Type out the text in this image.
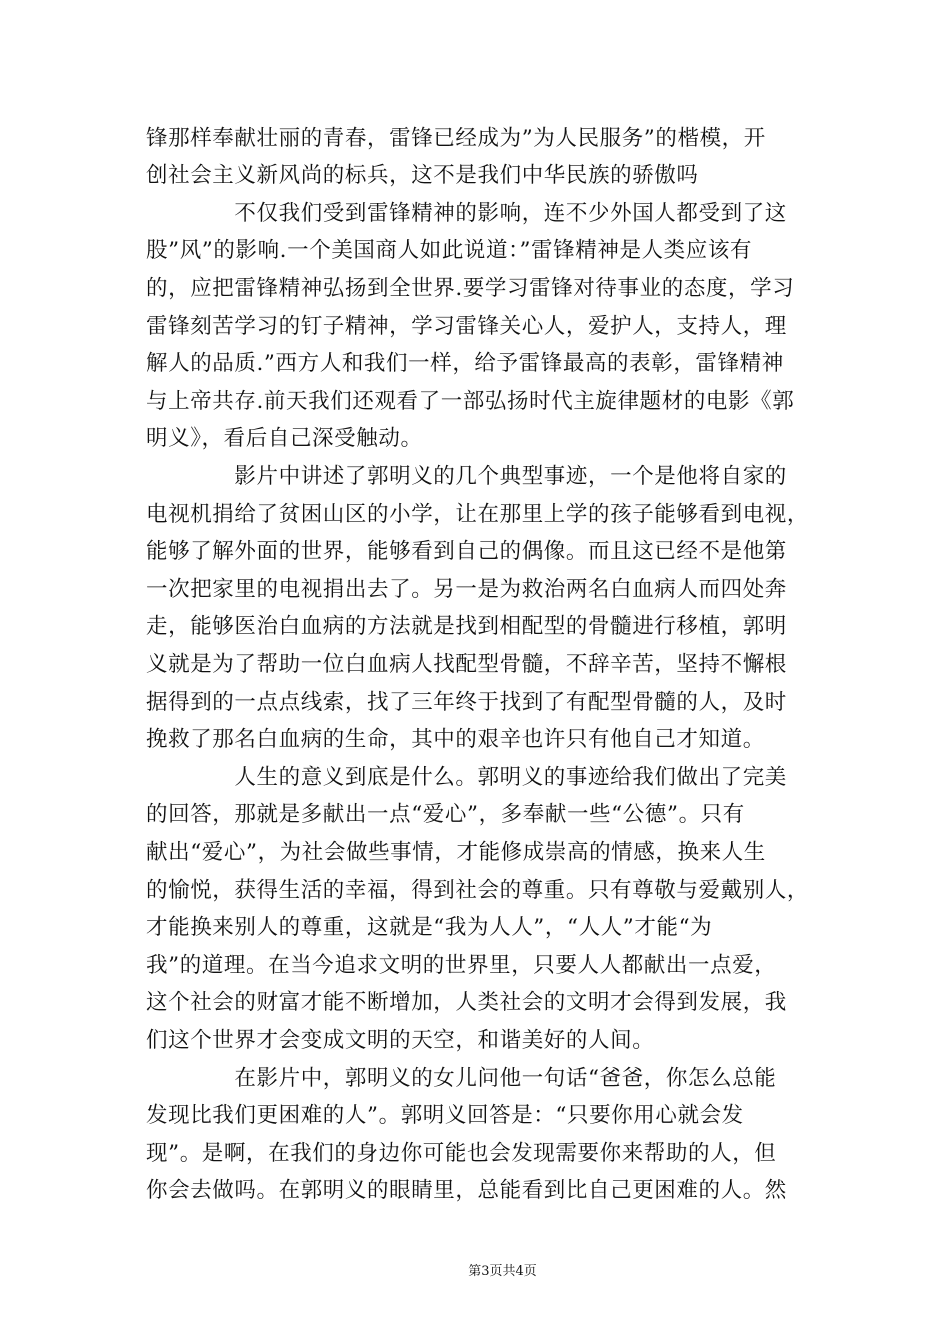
锋那样奉献壮丽的青春，雷锋已经成为”为人民服务”的楷模，开
创社会主义新风尚的标兵，这不是我们中华民族的骄傲吗
　　　　不仅我们受到雷锋精神的影响，连不少外国人都受到了这
股”风”的影响.一个美国商人如此说道：”雷锋精神是人类应该有
的，应把雷锋精神弘扬到全世界.要学习雷锋对待事业的态度，学习
雷锋刻苦学习的钉子精神，学习雷锋关心人，爱护人，支持人，理
解人的品质.”西方人和我们一样，给予雷锋最高的表彰，雷锋精神
与上帝共存.前天我们还观看了一部弘扬时代主旋律题材的电影《郭
明义》，看后自己深受触动。
　　　　影片中讲述了郭明义的几个典型事迹，一个是他将自家的
电视机捐给了贫困山区的小学，让在那里上学的孩子能够看到电视，
能够了解外面的世界，能够看到自己的偶像。而且这已经不是他第
一次把家里的电视捐出去了。另一是为救治两名白血病人而四处奔
走，能够医治白血病的方法就是找到相配型的骨髓进行移植，郭明
义就是为了帮助一位白血病人找配型骨髓，不辞辛苦，坚持不懈根
据得到的一点点线索，找了三年终于找到了有配型骨髓的人，及时
挽救了那名白血病的生命，其中的艰辛也许只有他自己才知道。
　　　　人生的意义到底是什么。郭明义的事迹给我们做出了完美
的回答，那就是多献出一点“爱心”，多奉献一些“公德”。只有
献出“爱心”，为社会做些事情，才能修成崇高的情感，换来人生
的愉悦，获得生活的幸福，得到社会的尊重。只有尊敬与爱戴别人，
才能换来别人的尊重，这就是“我为人人”，“人人”才能“为
我”的道理。在当今追求文明的世界里，只要人人都献出一点爱，
这个社会的财富才能不断增加，人类社会的文明才会得到发展，我
们这个世界才会变成文明的天空，和谐美好的人间。
　　　　在影片中，郭明义的女儿问他一句话“爸爸，你怎么总能
发现比我们更困难的人”。郭明义回答是：“只要你用心就会发
现”。是啊，在我们的身边你可能也会发现需要你来帮助的人，但
你会去做吗。在郭明义的眼睛里，总能看到比自己更困难的人。然
第3页共4页
